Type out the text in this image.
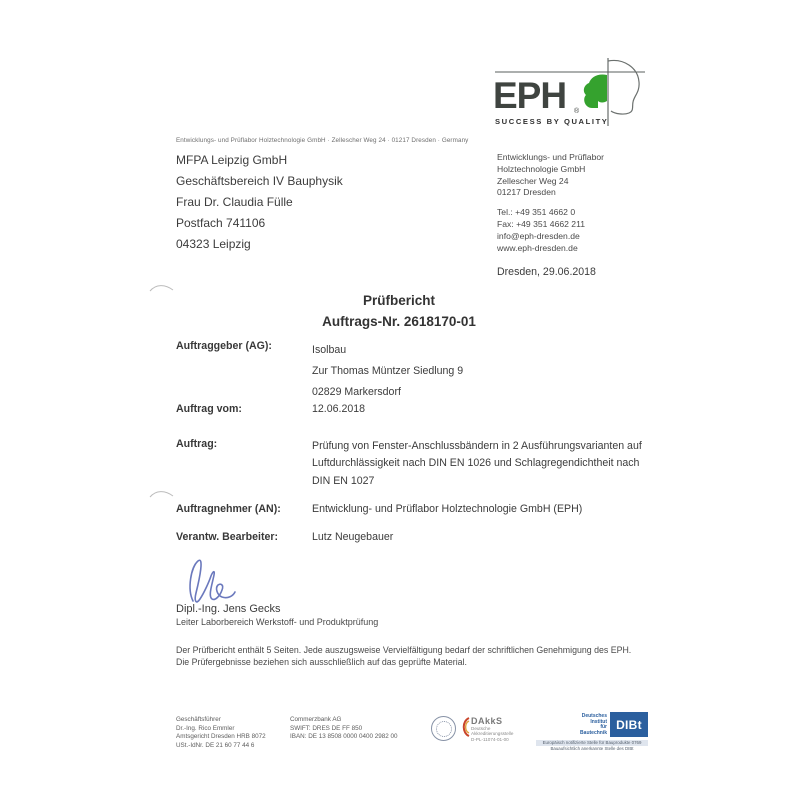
EPH ®
SUCCESS BY QUALITY
Entwicklungs- und Prüflabor Holztechnologie GmbH · Zellescher Weg 24 · 01217 Dresden · Germany
MFPA Leipzig GmbH
Geschäftsbereich IV Bauphysik
Frau Dr. Claudia Fülle
Postfach 741106
04323 Leipzig
Entwicklungs- und Prüflabor
Holztechnologie GmbH
Zellescher Weg 24
01217 Dresden
Tel.: +49 351 4662 0
Fax: +49 351 4662 211
info@eph-dresden.de
www.eph-dresden.de
Dresden, 29.06.2018
Prüfbericht
Auftrags-Nr. 2618170-01
Auftraggeber (AG):	Isolbau
Zur Thomas Müntzer Siedlung 9
02829 Markersdorf
Auftrag vom:	12.06.2018
Auftrag:	Prüfung von Fenster-Anschlussbändern in 2 Ausführungsvarianten auf
Luftdurchlässigkeit nach DIN EN 1026 und Schlagregendichtheit nach
DIN EN 1027
Auftragnehmer (AN):	Entwicklung- und Prüflabor Holztechnologie GmbH (EPH)
Verantw. Bearbeiter:	Lutz Neugebauer
Dipl.-Ing. Jens Gecks
Leiter Laborbereich Werkstoff- und Produktprüfung
Der Prüfbericht enthält 5 Seiten. Jede auszugsweise Vervielfältigung bedarf der schriftlichen Genehmigung des EPH.
Die Prüfergebnisse beziehen sich ausschließlich auf das geprüfte Material.
Geschäftsführer
Dr.-Ing. Rico Emmler
Amtsgericht Dresden HRB 8072
USt.-IdNr. DE 21 60 77 44 6
Commerzbank AG
SWIFT: DRES DE FF 850
IBAN: DE 13 8508 0000 0400 2982 00
DAkkS
Deutsche
Akkreditierungsstelle
D-PL-11074-01-00
Deutsches
Institut
für
Bautechnik
DIBt
Europäisch notifizierte Stelle für Bauprodukte 0769
Bauaufsichtlich anerkannte Stelle des DIBt
